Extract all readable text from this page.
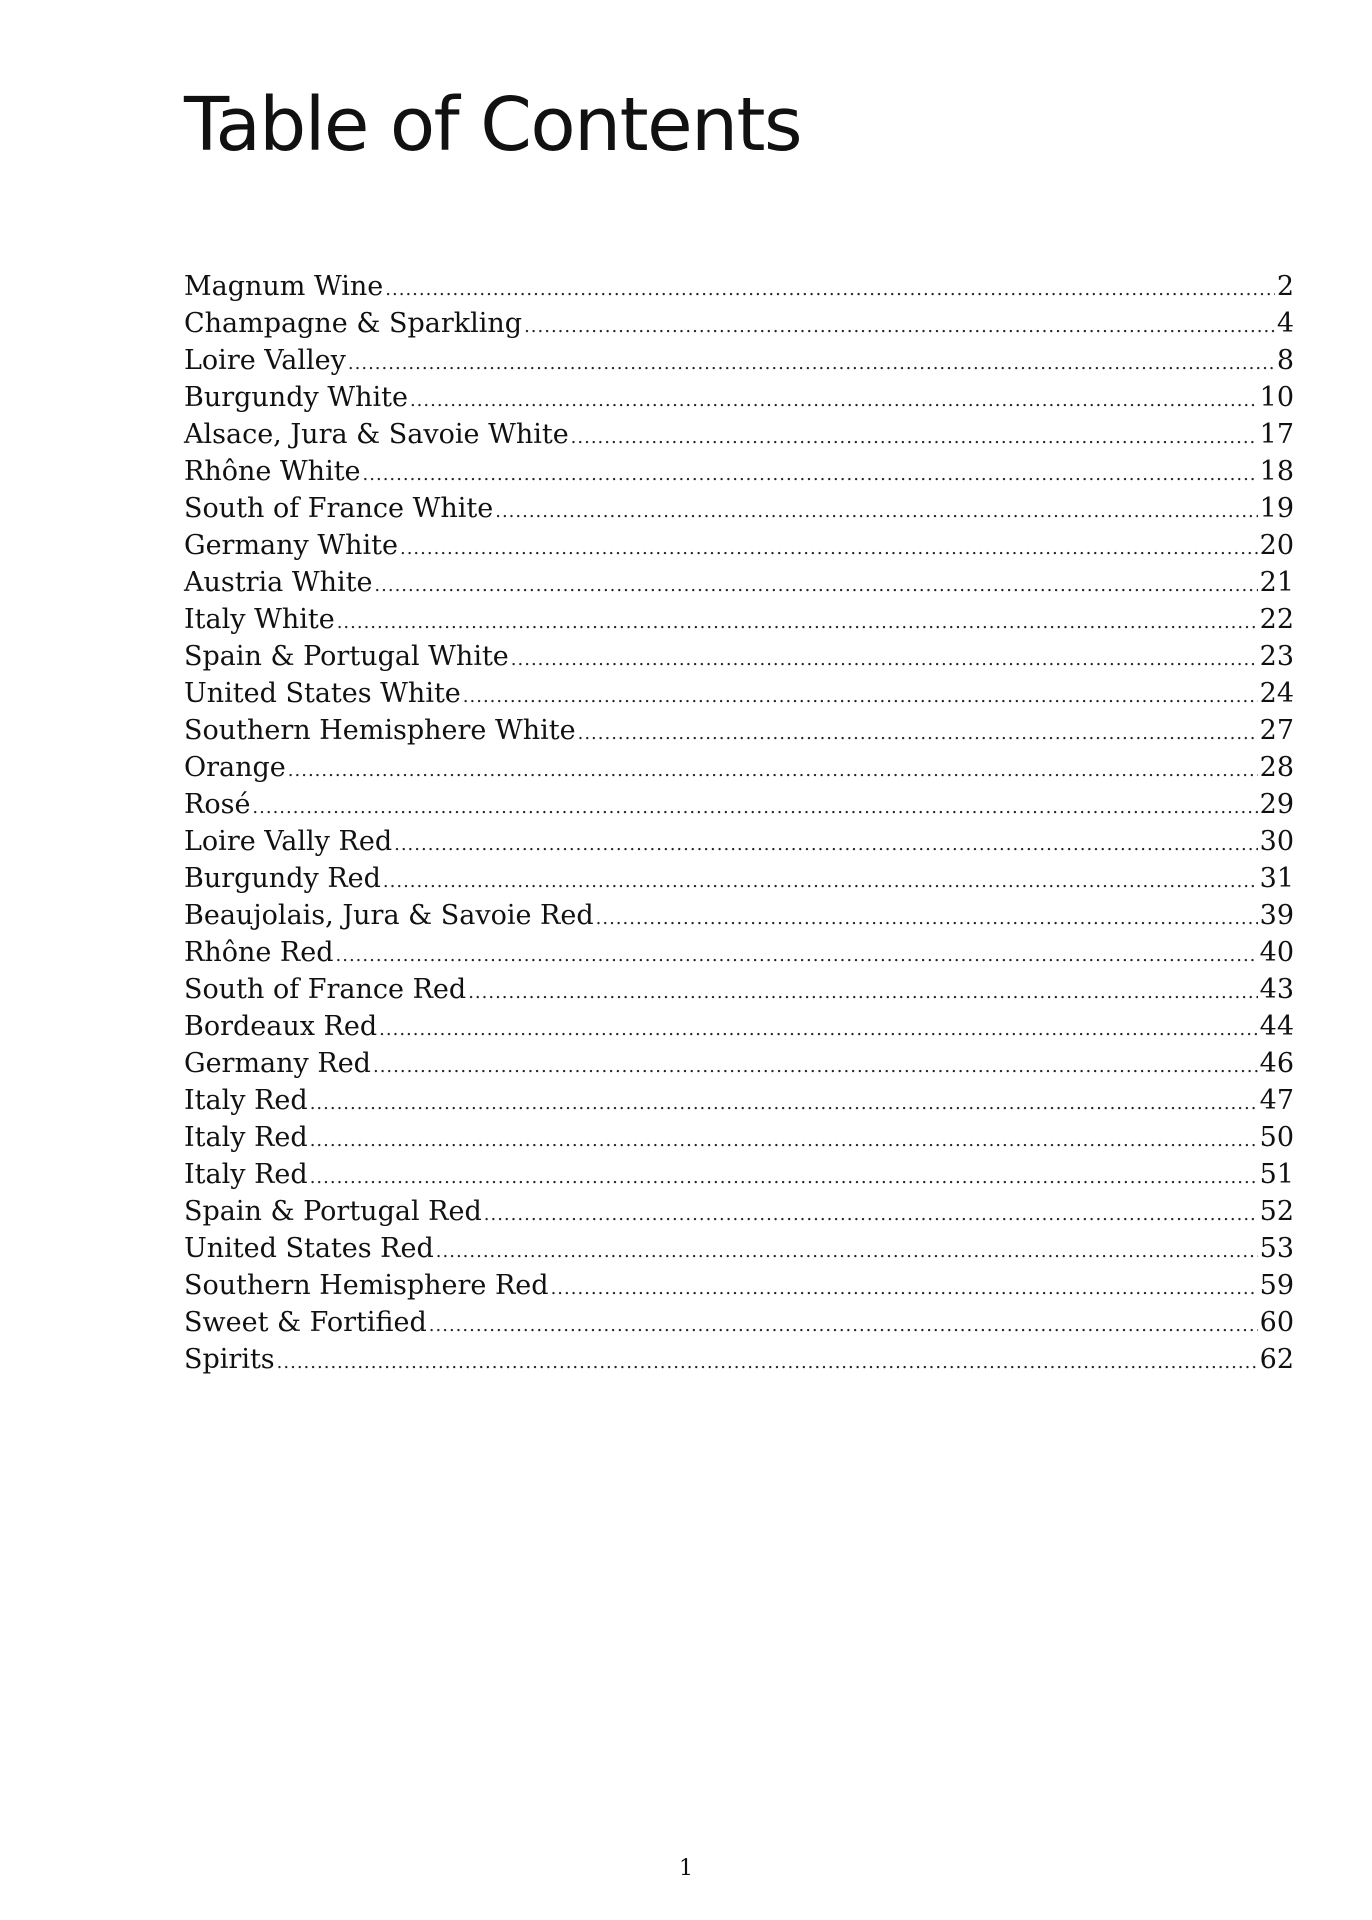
Table of Contents
Magnum Wine .....	2
Champagne & Sparkling .....	4
Loire Valley .....	8
Burgundy White .....	10
Alsace, Jura & Savoie White .....	17
Rhône White .....	18
South of France White .....	19
Germany White .....	20
Austria White .....	21
Italy White .....	22
Spain & Portugal White .....	23
United States White .....	24
Southern Hemisphere White .....	27
Orange .....	28
Rosé .....	29
Loire Vally Red .....	30
Burgundy Red .....	31
Beaujolais, Jura & Savoie Red .....	39
Rhône Red .....	40
South of France Red .....	43
Bordeaux Red .....	44
Germany Red .....	46
Italy Red .....	47
Italy Red .....	50
Italy Red .....	51
Spain & Portugal Red .....	52
United States Red .....	53
Southern Hemisphere Red .....	59
Sweet & Fortified .....	60
Spirits .....	62
1
